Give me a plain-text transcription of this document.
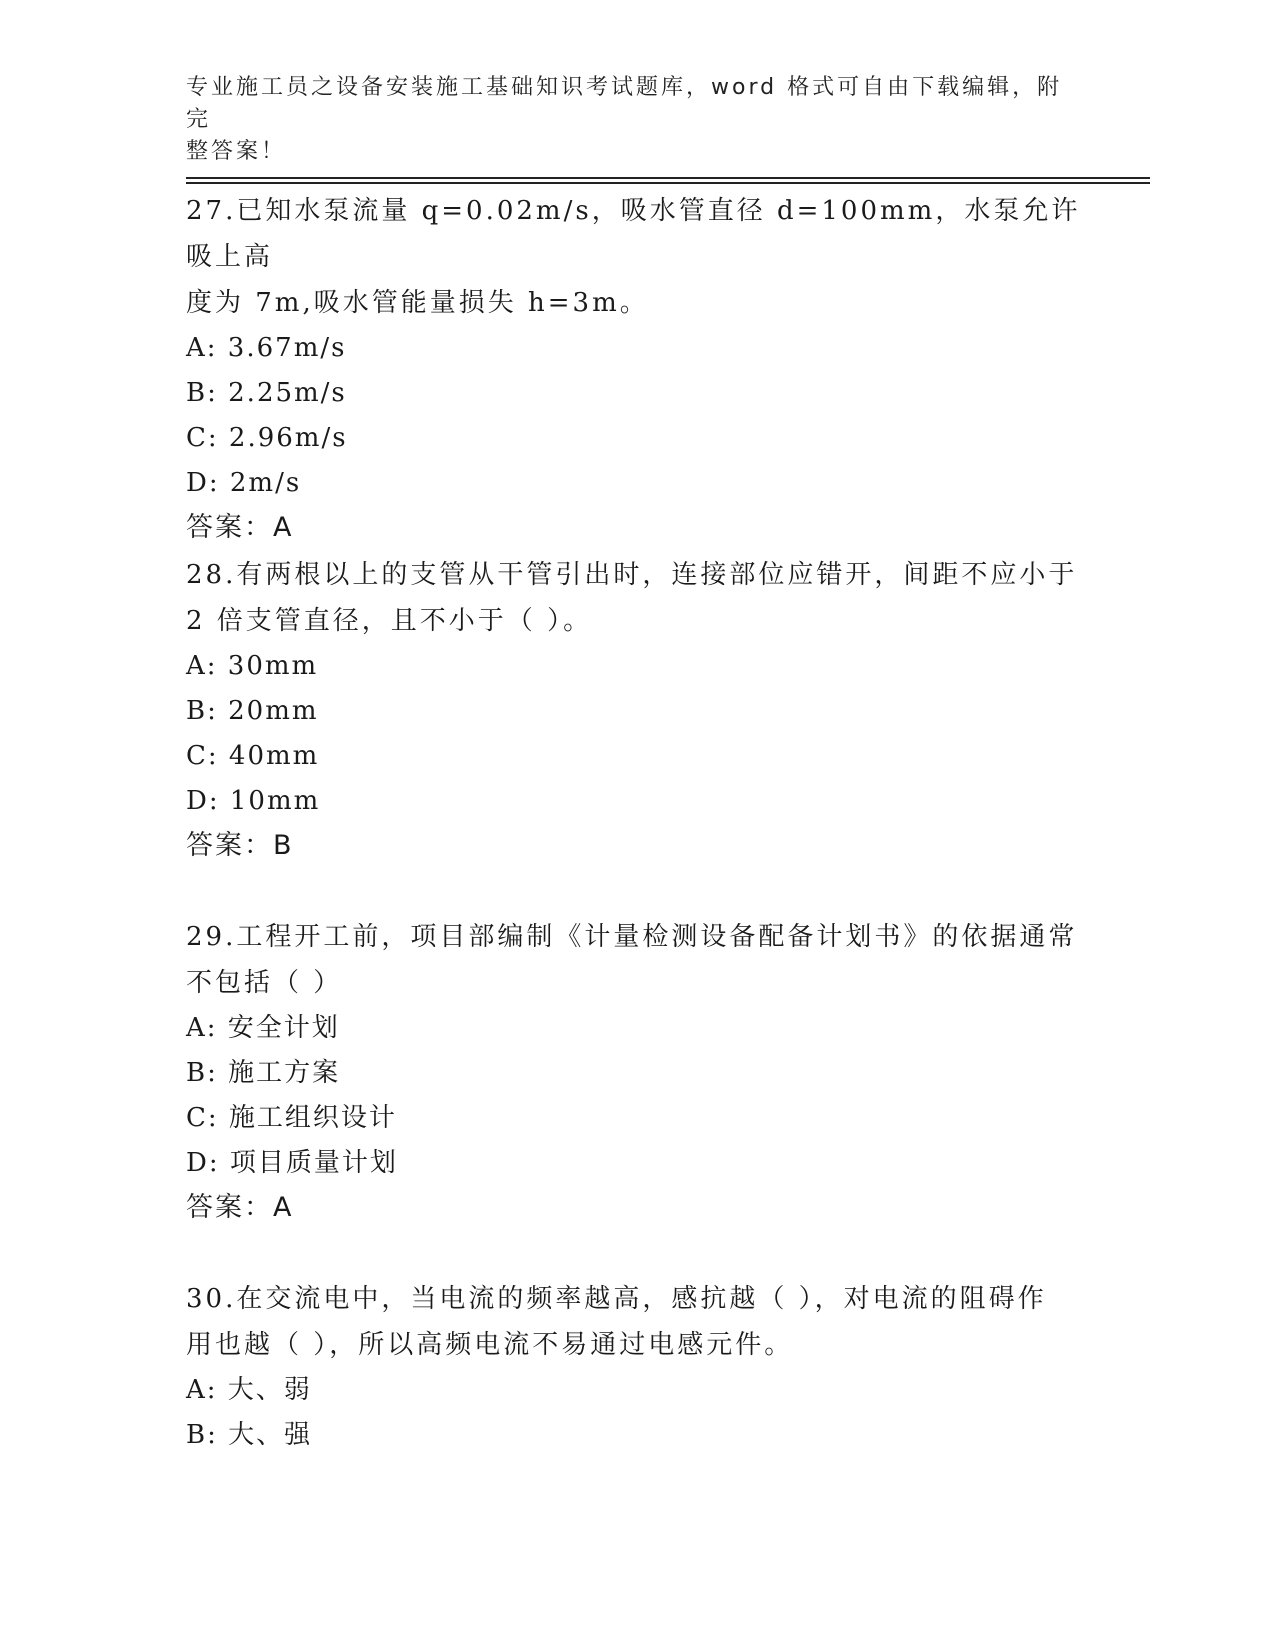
专业施工员之设备安装施工基础知识考试题库，word 格式可自由下载编辑，附完
整答案！

27.已知水泵流量 q=0.02m/s，吸水管直径 d=100mm，水泵允许吸上高

度为 7m,吸水管能量损失 h=3m。

A: 3.67m/s

B: 2.25m/s

C: 2.96m/s

D: 2m/s

答案：A

28.有两根以上的支管从干管引出时，连接部位应错开，间距不应小于

2 倍支管直径，且不小于（ ）。

A: 30mm

B: 20mm

C: 40mm

D: 10mm

答案：B

29.工程开工前，项目部编制《计量检测设备配备计划书》的依据通常

不包括（ ）

A: 安全计划

B: 施工方案

C: 施工组织设计

D: 项目质量计划

答案：A

30.在交流电中，当电流的频率越高，感抗越（ ），对电流的阻碍作

用也越（ ），所以高频电流不易通过电感元件。

A: 大、弱

B: 大、强
